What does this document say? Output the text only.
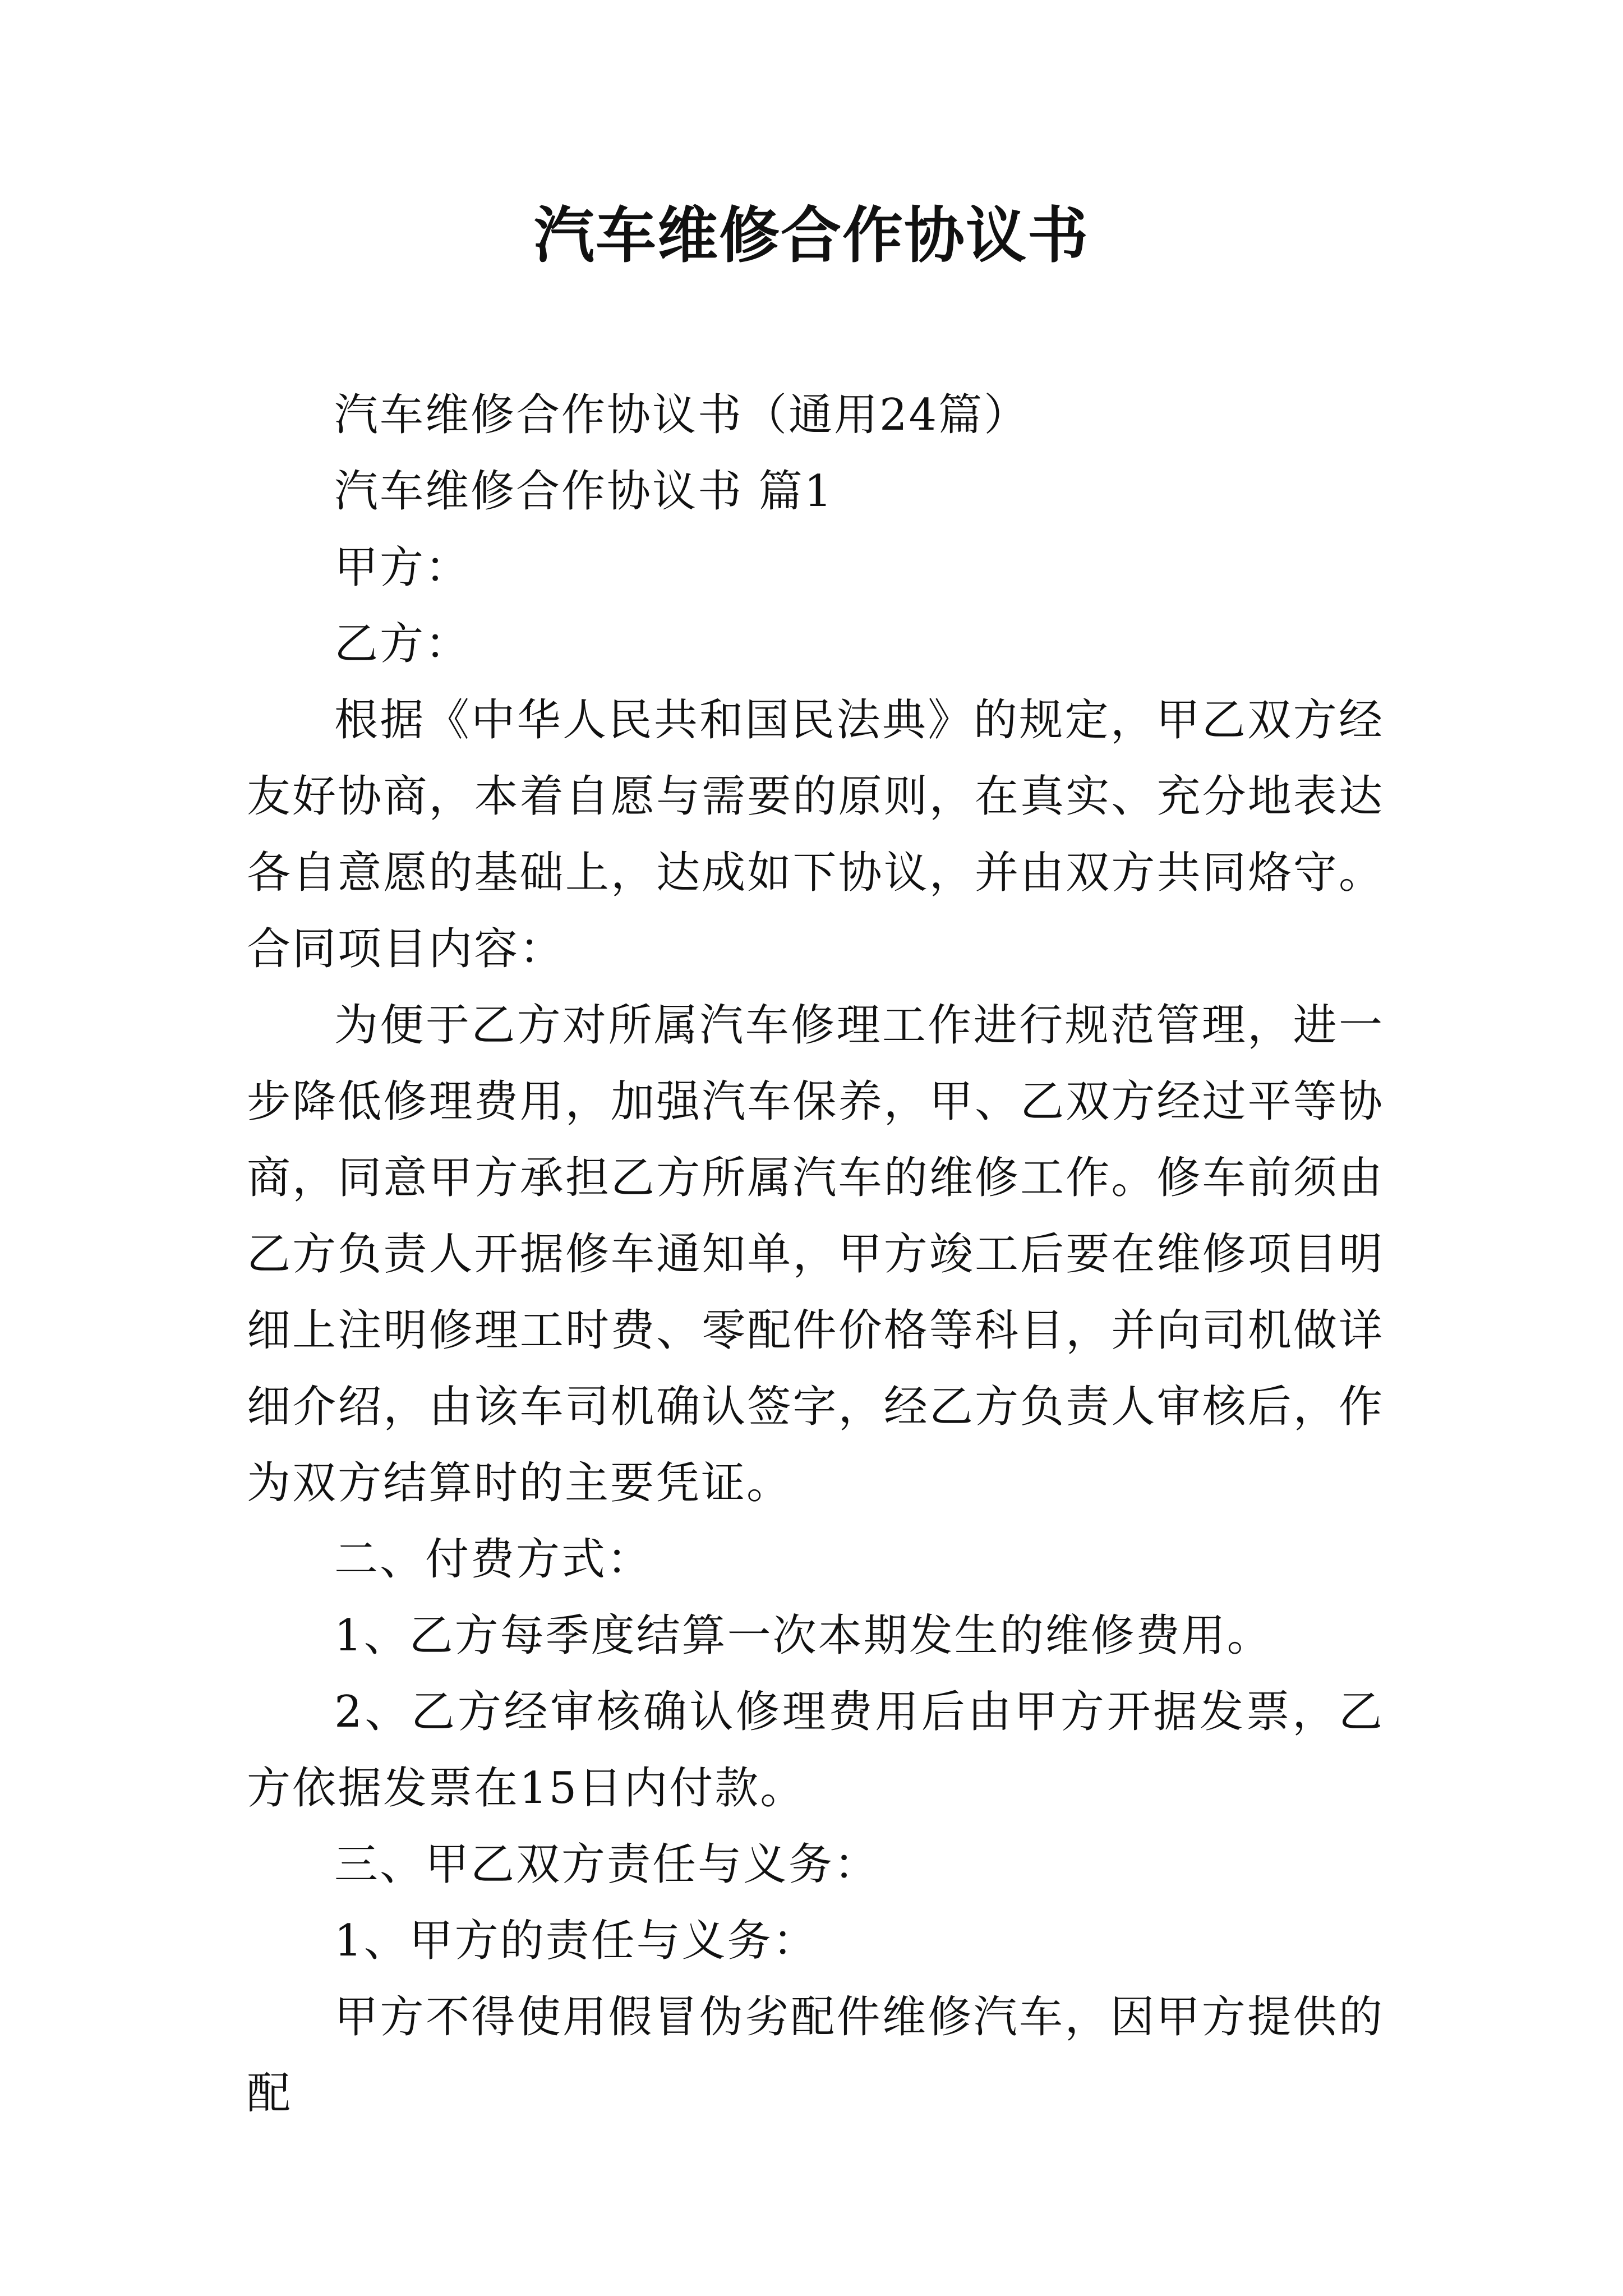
汽车维修合作协议书

汽车维修合作协议书（通用24篇）

汽车维修合作协议书 篇1

甲方：

乙方：

根据《中华人民共和国民法典》的规定，甲乙双方经友好协商，本着自愿与需要的原则，在真实、充分地表达各自意愿的基础上，达成如下协议，并由双方共同烙守。合同项目内容：

为便于乙方对所属汽车修理工作进行规范管理，进一步降低修理费用，加强汽车保养，甲、乙双方经过平等协商，同意甲方承担乙方所属汽车的维修工作。修车前须由乙方负责人开据修车通知单，甲方竣工后要在维修项目明细上注明修理工时费、零配件价格等科目，并向司机做详细介绍，由该车司机确认签字，经乙方负责人审核后，作为双方结算时的主要凭证。

二、付费方式：

1、乙方每季度结算一次本期发生的维修费用。

2、乙方经审核确认修理费用后由甲方开据发票，乙方依据发票在15日内付款。

三、甲乙双方责任与义务：

1、甲方的责任与义务：

甲方不得使用假冒伪劣配件维修汽车，因甲方提供的配
